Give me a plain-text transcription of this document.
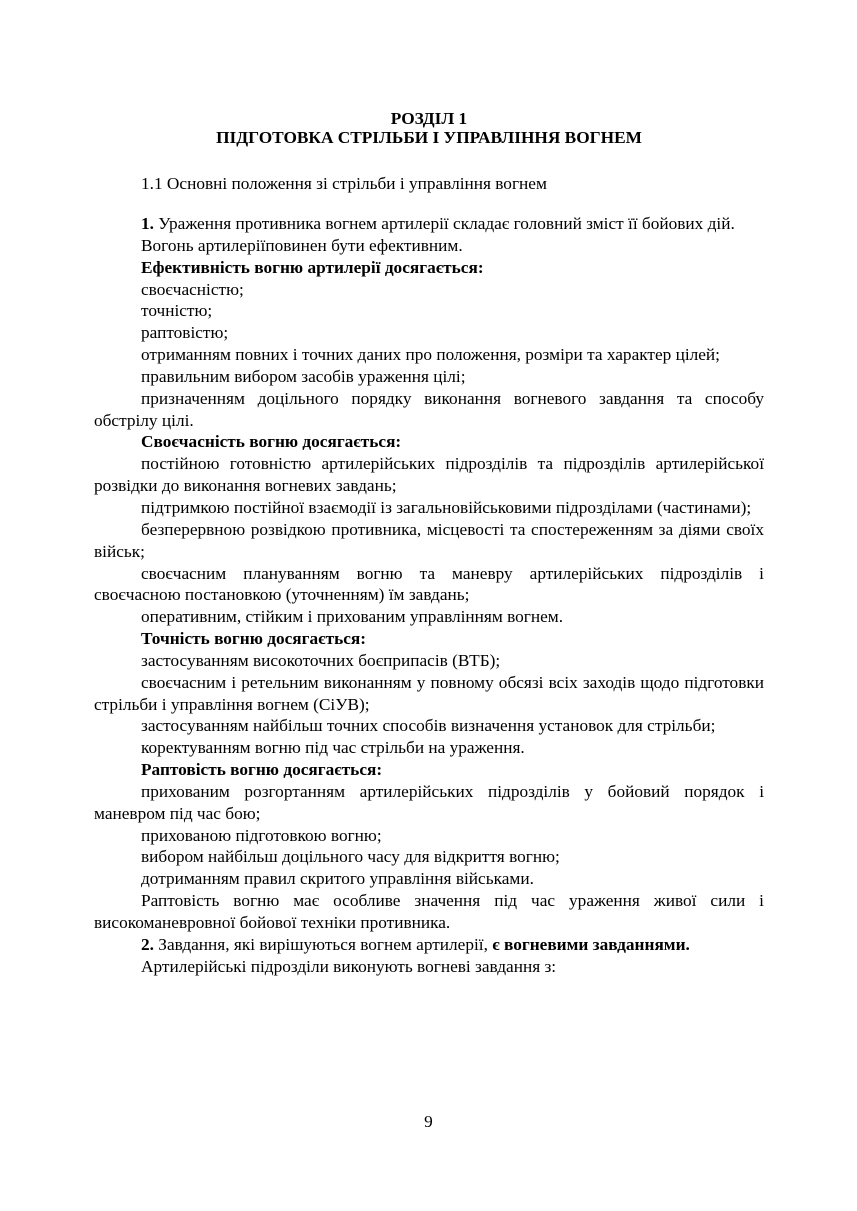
РОЗДІЛ 1
ПІДГОТОВКА СТРІЛЬБИ І УПРАВЛІННЯ ВОГНЕМ
1.1 Основні положення зі стрільби і управління вогнем

1. Ураження противника вогнем артилерії складає головний зміст її бойових дій.

Вогонь артилеріїповинен бути ефективним.

Ефективність вогню артилерії досягається:

своєчасністю;

точністю;

раптовістю;

отриманням повних і точних даних про положення, розміри та характер цілей;

правильним вибором засобів ураження цілі;

призначенням доцільного порядку виконання вогневого завдання та способу обстрілу цілі.

Своєчасність вогню досягається:

постійною готовністю артилерійських підрозділів та підрозділів артилерійської розвідки до виконання вогневих завдань;

підтримкою постійної взаємодії із загальновійськовими підрозділами (частинами);

безперервною розвідкою противника, місцевості та спостереженням за діями своїх військ;

своєчасним плануванням вогню та маневру артилерійських підрозділів і своєчасною постановкою (уточненням) їм завдань;

оперативним, стійким і прихованим управлінням вогнем.

Точність вогню досягається:

застосуванням високоточних боєприпасів (ВТБ);

своєчасним і ретельним виконанням у повному обсязі всіх заходів щодо підготовки стрільби і управління вогнем (СіУВ);

застосуванням найбільш точних способів визначення установок для стрільби;

коректуванням вогню під час стрільби на ураження.

Раптовість вогню досягається:

прихованим розгортанням артилерійських підрозділів у бойовий порядок і маневром під час бою;

прихованою підготовкою вогню;

вибором найбільш доцільного часу для відкриття вогню;

дотриманням правил скритого управління військами.

Раптовість вогню має особливе значення під час ураження живої сили і високоманевровної бойової техніки противника.

2. Завдання, які вирішуються вогнем артилерії, є вогневими завданнями.

Артилерійські підрозділи виконують вогневі завдання з:

9
